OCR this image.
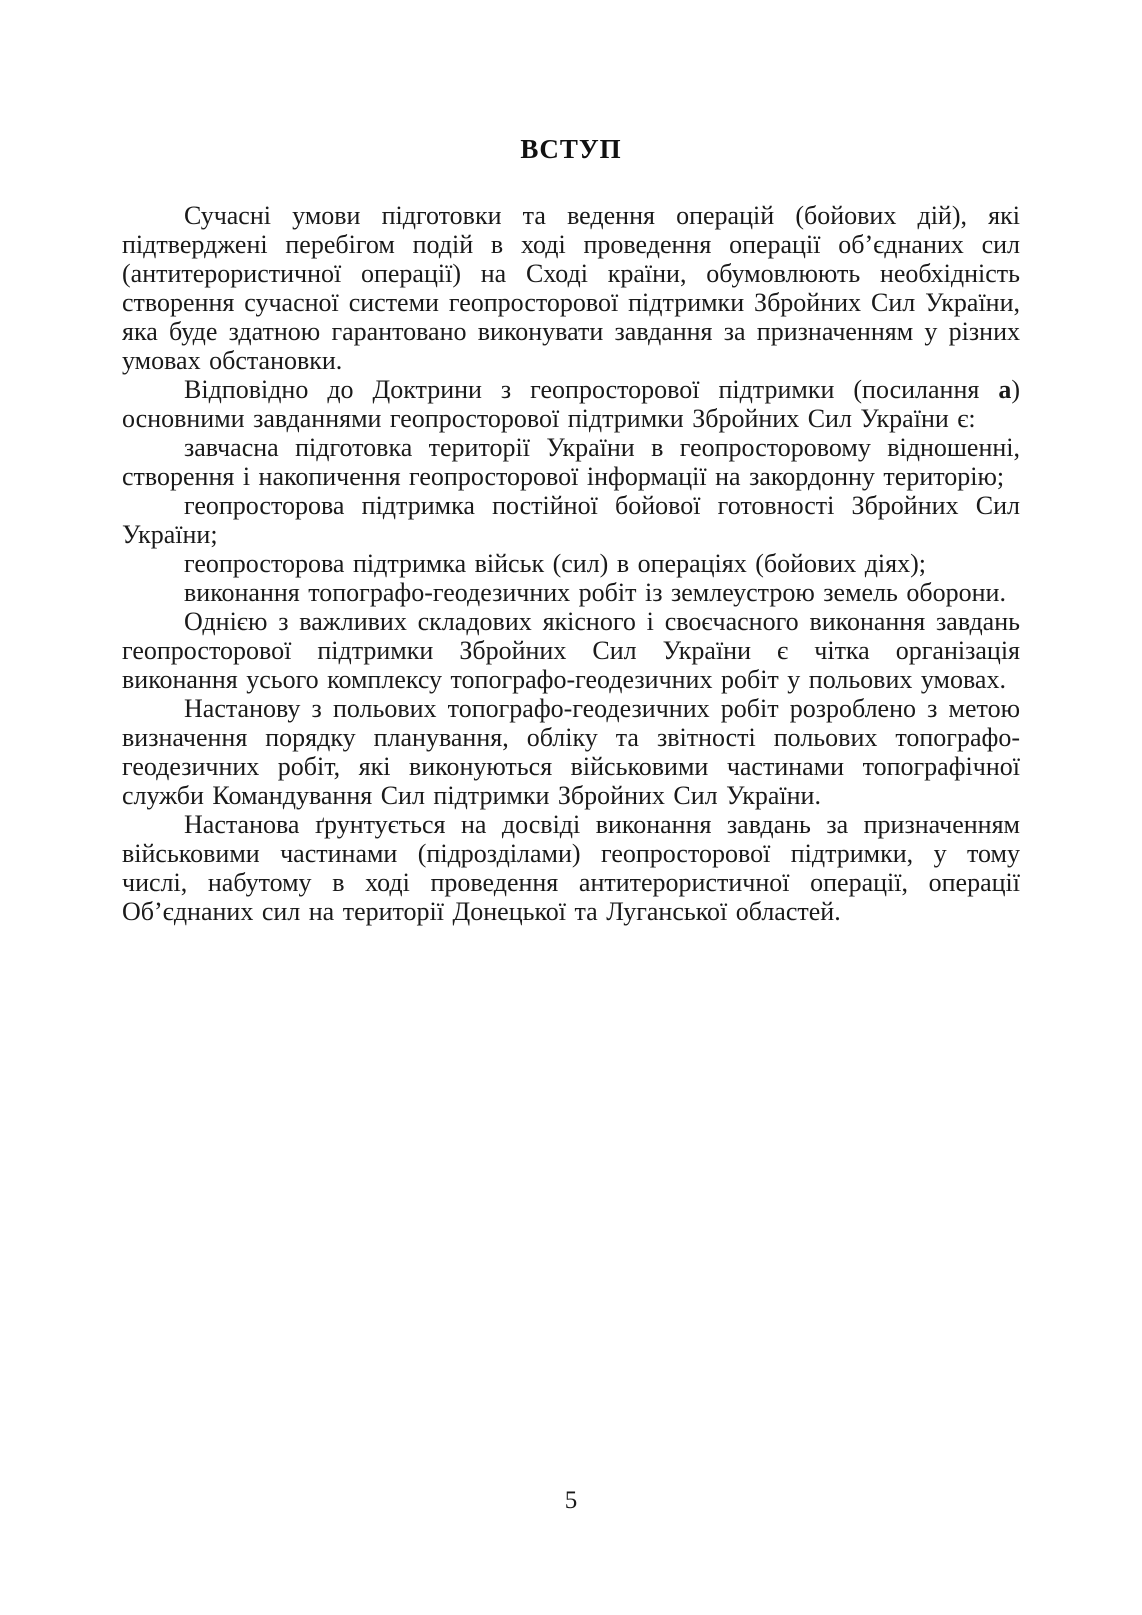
ВСТУП

Сучасні умови підготовки та ведення операцій (бойових дій), які підтверджені перебігом подій в ході проведення операції об’єднаних сил (антитерористичної операції) на Сході країни, обумовлюють необхідність створення сучасної системи геопросторової підтримки Збройних Сил України, яка буде здатною гарантовано виконувати завдання за призначенням у різних умовах обстановки.

Відповідно до Доктрини з геопросторової підтримки (посилання а) основними завданнями геопросторової підтримки Збройних Сил України є:

завчасна підготовка території України в геопросторовому відношенні, створення і накопичення геопросторової інформації на закордонну територію;

геопросторова підтримка постійної бойової готовності Збройних Сил України;

геопросторова підтримка військ (сил) в операціях (бойових діях);

виконання топографо-геодезичних робіт із землеустрою земель оборони.

Однією з важливих складових якісного і своєчасного виконання завдань геопросторової підтримки Збройних Сил України є чітка організація виконання усього комплексу топографо-геодезичних робіт у польових умовах.

Настанову з польових топографо-геодезичних робіт розроблено з метою визначення порядку планування, обліку та звітності польових топографо-геодезичних робіт, які виконуються військовими частинами топографічної служби Командування Сил підтримки Збройних Сил України.

Настанова ґрунтується на досвіді виконання завдань за призначенням військовими частинами (підрозділами) геопросторової підтримки, у тому числі, набутому в ході проведення антитерористичної операції, операції Об’єднаних сил на території Донецької та Луганської областей.

5
